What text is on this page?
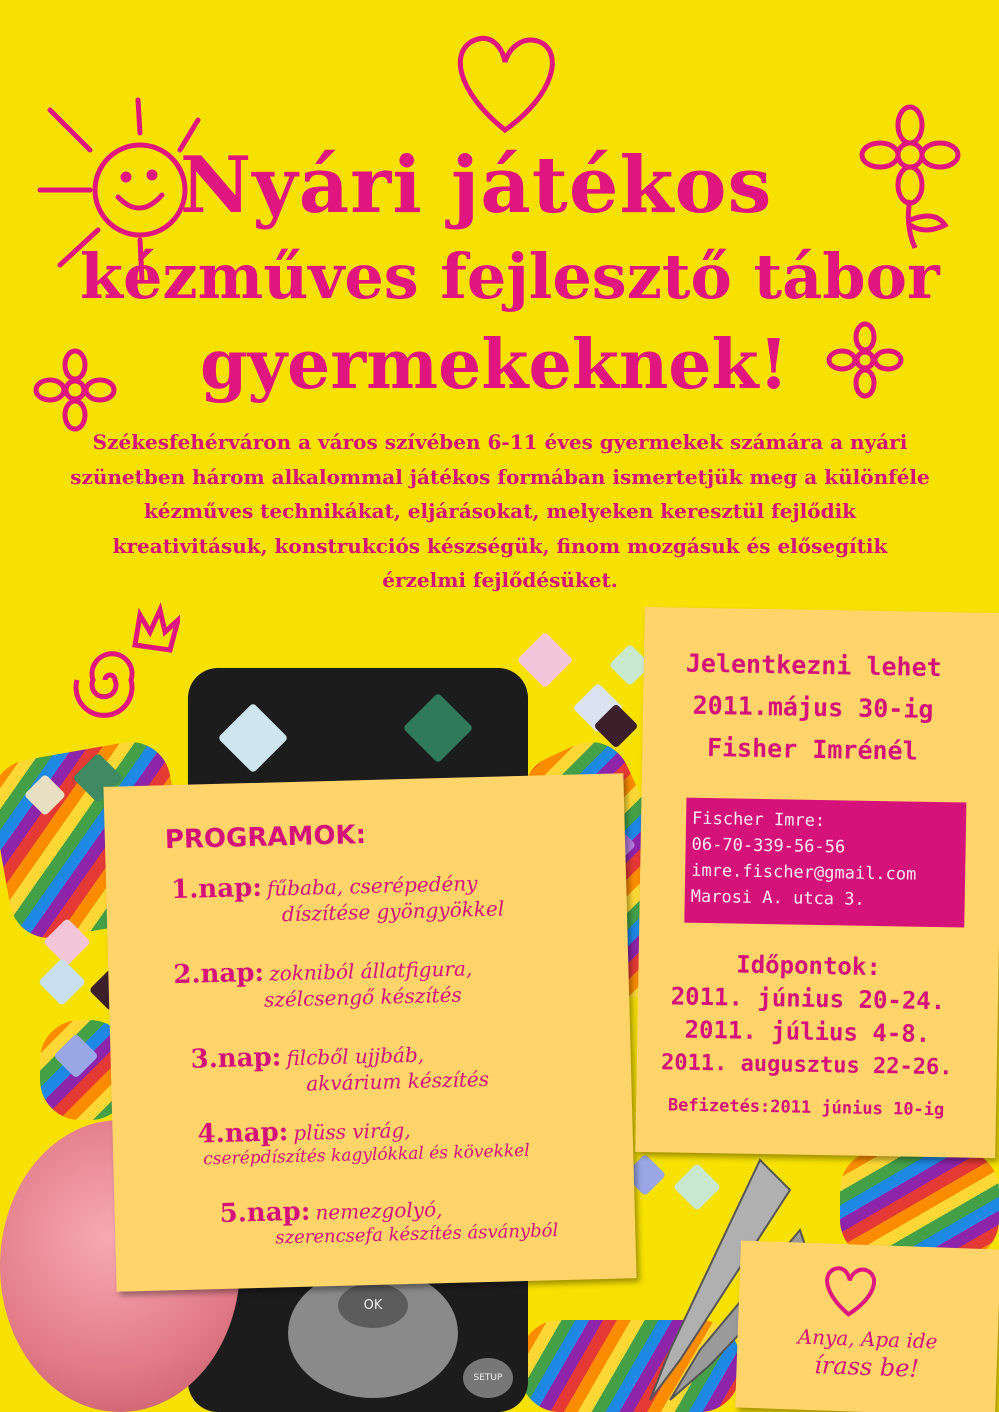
OK
SETUP
Nyári játékos
kézműves fejlesztő tábor
gyermekeknek!
Székesfehérváron a város szívében 6-11 éves gyermekek számára a nyári
szünetben három alkalommal játékos formában ismertetjük meg a különféle
kézműves technikákat, eljárásokat, melyeken keresztül fejlődik
kreativitásuk, konstrukciós készségük, finom mozgásuk és elősegítik
érzelmi fejlődésüket.
PROGRAMOK:
1.nap: fűbaba, cserépedény
díszítése gyöngyökkel
2.nap: zokniból állatfigura,
szélcsengő készítés
3.nap: filcből ujjbáb,
akvárium készítés
4.nap: plüss virág,
cserépdíszítés kagylókkal és kövekkel
5.nap: nemezgolyó,
szerencsefa készítés ásványból
Jelentkezni lehet
2011.május 30-ig
Fisher Imrénél
Fischer Imre:
06-70-339-56-56
imre.fischer@gmail.com
Marosi A. utca 3.
Időpontok:
2011. június 20-24.
2011. július 4-8.
2011. augusztus 22-26.
Befizetés:2011 június 10-ig
Anya, Apa ide
írass be!
